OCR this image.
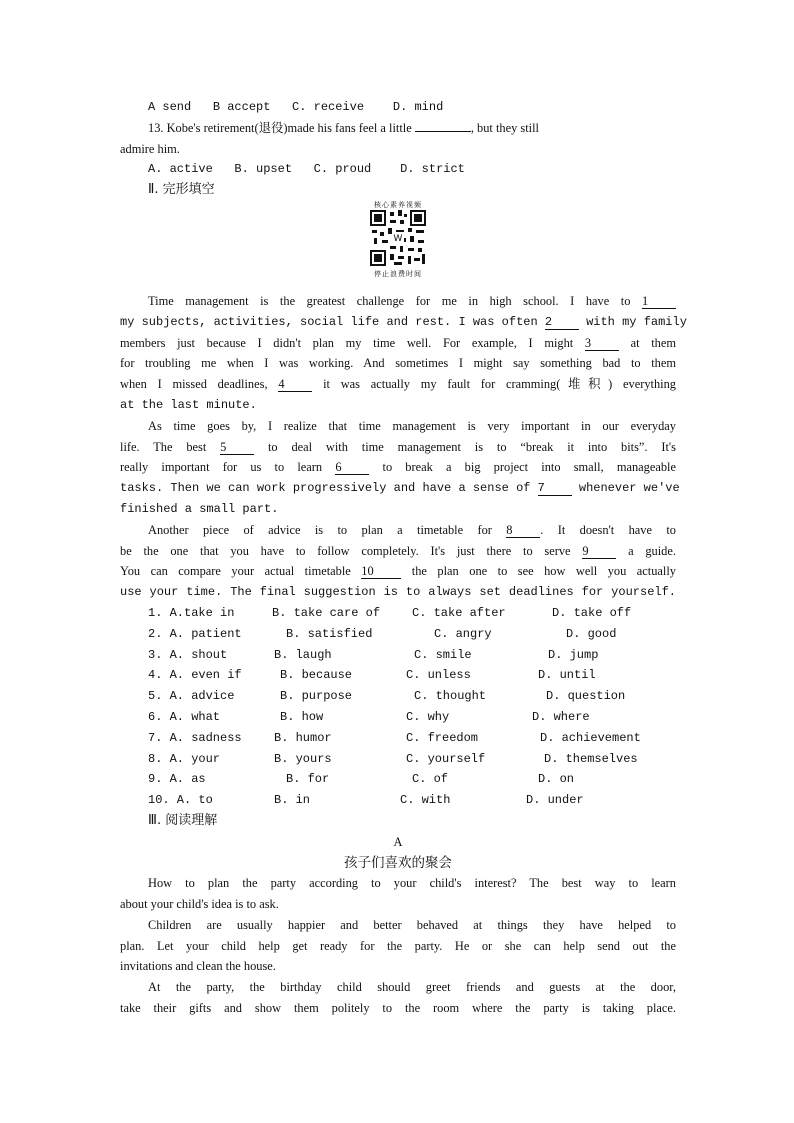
A send B accept C. receive D. mind
13. Kobe's retirement(退役)made his fans feel a little	, but they still
admire him.
A. active B. upset C. proud D. strict
Ⅱ. 完形填空
核心素养视频
W
停止浪费时间
Time management is the greatest challenge for me in high school. I have to 1
my subjects, activities, social life and rest. I was often 2	with my family
members just because I didn't plan my time well. For example, I might 3	at them
for troubling me when I was working. And sometimes I might say something bad to them
when I missed deadlines, 4	it was actually my fault for cramming(堆积) everything
at the last minute.
As time goes by, I realize that time management is very important in our everyday
life. The best 5	to deal with time management is to “break it into bits”. It's
really important for us to learn 6	to break a big project into small, manageable
tasks. Then we can work progressively and have a sense of 7	whenever we've
finished a small part.
Another piece of advice is to plan a timetable for 8 . It doesn't have to
be the one that you have to follow completely. It's just there to serve 9	a guide.
You can compare your actual timetable 10	the plan one to see how well you actually
use your time. The final suggestion is to always set deadlines for yourself.
1. A.take in	B. take care of	C. take after	D. take off
2. A. patient	B. satisfied	C. angry	D. good
3. A. shout	B. laugh	C. smile	D. jump
4. A. even if	B. because	C. unless	D. until
5. A. advice	B. purpose	C. thought	D. question
6. A. what	B. how	C. why	D. where
7. A. sadness	B. humor	C. freedom	D. achievement
8. A. your	B. yours	C. yourself	D. themselves
9. A. as	B. for	C. of	D. on
10. A. to	B. in	C. with	D. under
Ⅲ. 阅读理解
A
孩子们喜欢的聚会
How to plan the party according to your child's interest? The best way to learn
about your child's idea is to ask.
Children are usually happier and better behaved at things they have helped to
plan. Let your child help get ready for the party. He or she can help send out the
invitations and clean the house.
At the party, the birthday child should greet friends and guests at the door,
take their gifts and show them politely to the room where the party is taking place.
